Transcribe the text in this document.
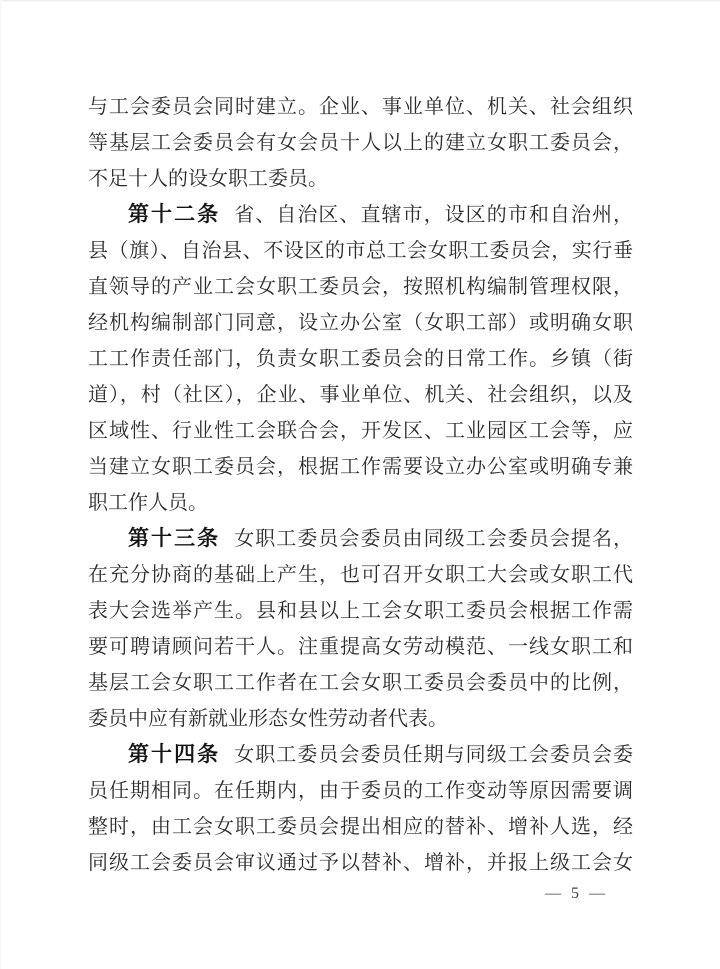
与工会委员会同时建立。企业、事业单位、机关、社会组织
等基层工会委员会有女会员十人以上的建立女职工委员会，
不足十人的设女职工委员。
第十二条 省、自治区、直辖市，设区的市和自治州，
县（旗）、自治县、不设区的市总工会女职工委员会，实行垂
直领导的产业工会女职工委员会，按照机构编制管理权限，
经机构编制部门同意，设立办公室（女职工部）或明确女职
工工作责任部门，负责女职工委员会的日常工作。乡镇（街
道），村（社区），企业、事业单位、机关、社会组织，以及
区域性、行业性工会联合会，开发区、工业园区工会等，应
当建立女职工委员会，根据工作需要设立办公室或明确专兼
职工作人员。
第十三条 女职工委员会委员由同级工会委员会提名，
在充分协商的基础上产生，也可召开女职工大会或女职工代
表大会选举产生。县和县以上工会女职工委员会根据工作需
要可聘请顾问若干人。注重提高女劳动模范、一线女职工和
基层工会女职工工作者在工会女职工委员会委员中的比例，
委员中应有新就业形态女性劳动者代表。
第十四条 女职工委员会委员任期与同级工会委员会委
员任期相同。在任期内，由于委员的工作变动等原因需要调
整时，由工会女职工委员会提出相应的替补、增补人选，经
同级工会委员会审议通过予以替补、增补，并报上级工会女
— 5 —
